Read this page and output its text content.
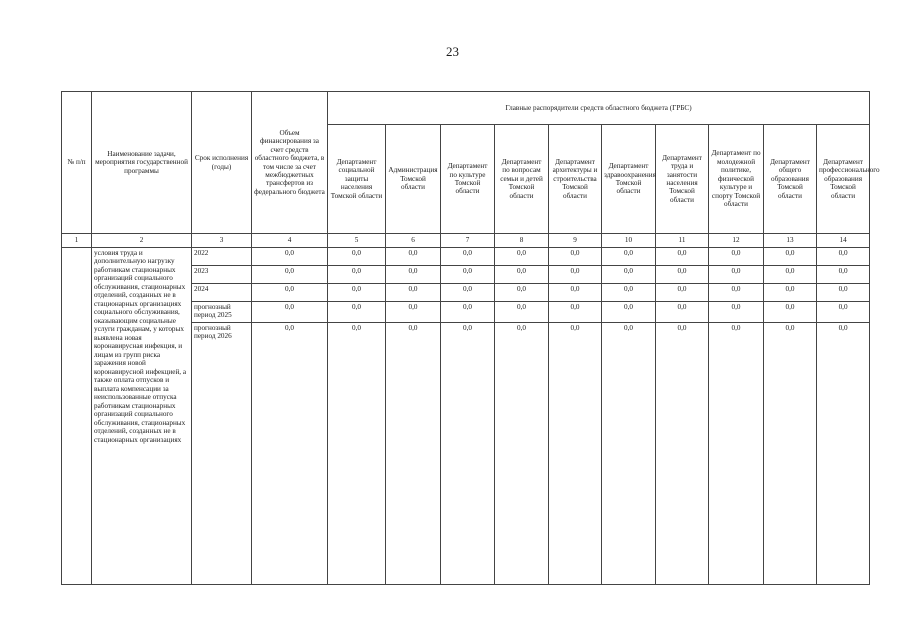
23
№ п/п	Наименование задачи, мероприятия государственной программы	Срок исполнения (годы)	Объем финансирования за счет средств областного бюджета, в том числе за счет межбюджетных трансфертов из федерального бюджета	Главные распорядители средств областного бюджета (ГРБС)									
				Департамент социальной защиты населения Томской области	Администрация Томской области	Департамент по культуре Томской области	Департамент по вопросам семьи и детей Томской области	Департамент архитектуры и строительства Томской области	Департамент здравоохранения Томской области	Департамент труда и занятости населения Томской области	Департамент по молодежной политике, физической культуре и спорту Томской области	Департамент общего образования Томской области	Департамент профессионального образования Томской области
1	2	3	4	5	6	7	8	9	10	11	12	13	14
	условия труда и дополнительную нагрузку работникам стационарных организаций социального обслуживания, стационарных отделений, созданных не в стационарных организациях социального обслуживания, оказывающим социальные услуги гражданам, у которых выявлена новая коронавирусная инфекция, и лицам из групп риска заражения новой коронавирусной инфекцией, а также оплата отпусков и выплата компенсации за неиспользованные отпуска работникам стационарных организаций социального обслуживания, стационарных отделений, созданных не в стационарных организациях	2022	0,0	0,0	0,0	0,0	0,0	0,0	0,0	0,0	0,0	0,0	0,0
		2023	0,0	0,0	0,0	0,0	0,0	0,0	0,0	0,0	0,0	0,0	0,0
		2024	0,0	0,0	0,0	0,0	0,0	0,0	0,0	0,0	0,0	0,0	0,0
		прогнозный период 2025	0,0	0,0	0,0	0,0	0,0	0,0	0,0	0,0	0,0	0,0	0,0
		прогнозный период 2026	0,0	0,0	0,0	0,0	0,0	0,0	0,0	0,0	0,0	0,0	0,0
